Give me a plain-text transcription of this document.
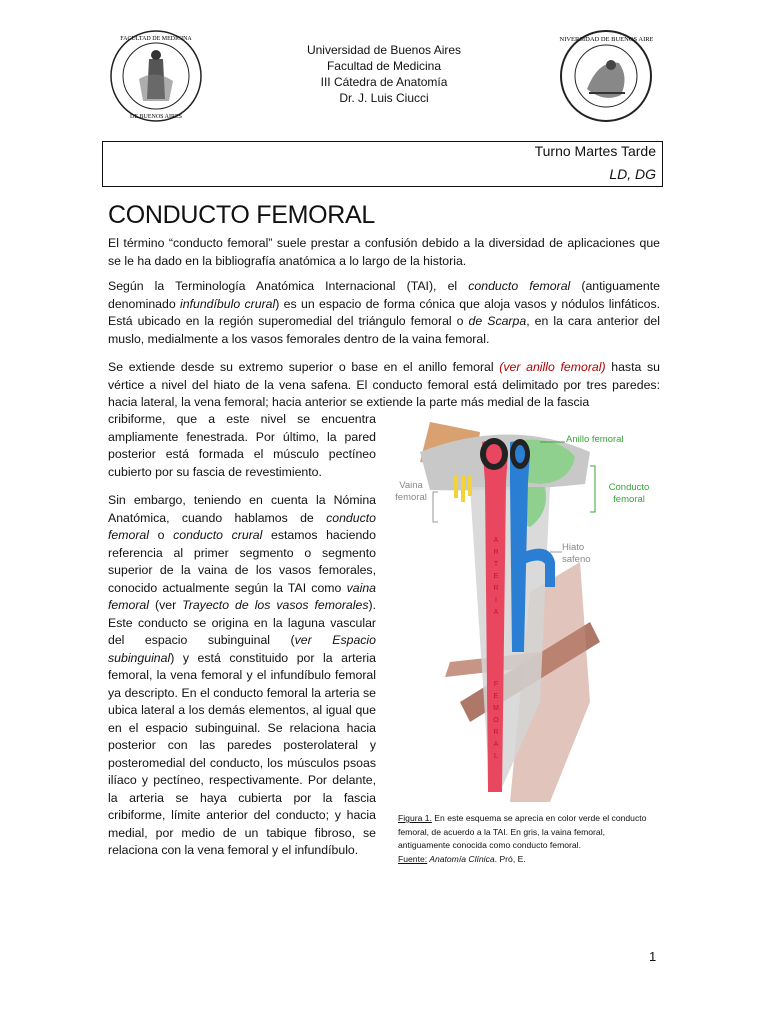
FACULTAD DE MEDICINA
DE BUENOS AIRES
Universidad de Buenos Aires
Facultad de Medicina
III Cátedra de Anatomía
Dr. J. Luis Ciucci
UNIVERSIDAD DE BUENOS AIRES
Turno Martes Tarde
LD, DG
CONDUCTO FEMORAL
El término “conducto femoral” suele prestar a confusión debido a la diversidad de aplicaciones que se le ha dado en la bibliografía anatómica a lo largo de la historia.
Según la Terminología Anatómica Internacional (TAI), el conducto femoral (antiguamente denominado infundíbulo crural) es un espacio de forma cónica que aloja vasos y nódulos linfáticos. Está ubicado en la región superomedial del triángulo femoral o de Scarpa, en la cara anterior del muslo, medialmente a los vasos femorales dentro de la vaina femoral.
Se extiende desde su extremo superior o base en el anillo femoral (ver anillo femoral) hasta su vértice a nivel del hiato de la vena safena. El conducto femoral está delimitado por tres paredes: hacia lateral, la vena femoral; hacia anterior se extiende la parte más medial de la fascia
cribiforme, que a este nivel se encuentra ampliamente fenestrada. Por último, la pared posterior está formada el músculo pectíneo cubierto por su fascia de revestimiento.
Sin embargo, teniendo en cuenta la Nómina Anatómica, cuando hablamos de conducto femoral o conducto crural estamos haciendo referencia al primer segmento o segmento superior de la vaina de los vasos femorales, conocido actualmente según la TAI como vaina femoral (ver Trayecto de los vasos femorales). Este conducto se origina en la laguna vascular del espacio subinguinal (ver Espacio subinguinal) y está constituido por la arteria femoral, la vena femoral y el infundíbulo femoral ya descripto. En el conducto femoral la arteria se ubica lateral a los demás elementos, al igual que en el espacio subinguinal. Se relaciona hacia posterior con las paredes posterolateral y posteromedial del conducto, los músculos psoas ilíaco y pectíneo, respectivamente. Por delante, la arteria se haya cubierta por la fascia cribiforme, límite anterior del conducto; y hacia medial, por medio de un tabique fibroso, se relaciona con la vena femoral y el infundíbulo.
V
E
N
A
F
E
M
O
R
A
L
A
R
T
E
R
I
A
F
E
M
O
R
A
L
Anillo femoral
Conducto femoral
Vaina femoral
Hiato safeno
Figura 1. En este esquema se aprecia en color verde el conducto femoral, de acuerdo a la TAI. En gris, la vaina femoral, antiguamente conocida como conducto femoral.
Fuente: Anatomía Clínica. Pró, E.
1
